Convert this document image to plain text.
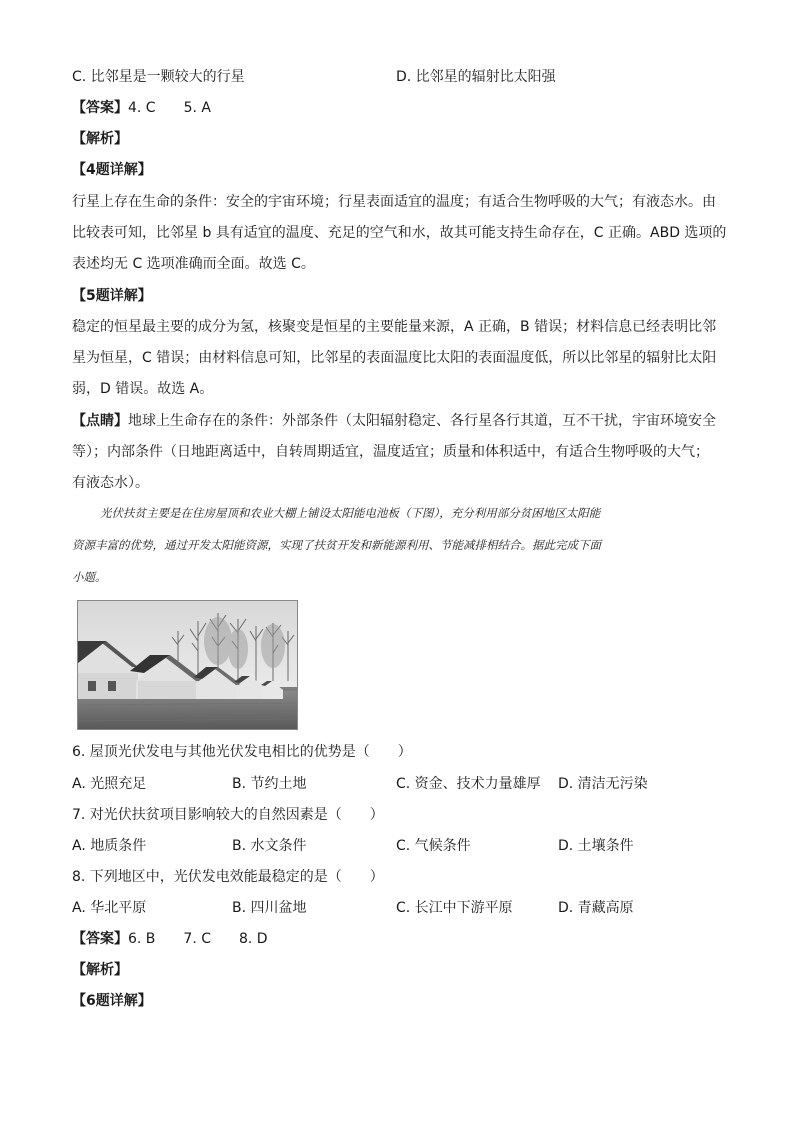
C. 比邻星是一颗较大的行星	D. 比邻星的辐射比太阳强
【答案】4. C　　5. A
【解析】
【4题详解】
行星上存在生命的条件：安全的宇宙环境；行星表面适宜的温度；有适合生物呼吸的大气；有液态水。由
比较表可知，比邻星 b 具有适宜的温度、充足的空气和水，故其可能支持生命存在，C 正确。ABD 选项的
表述均无 C 选项准确而全面。故选 C。
【5题详解】
稳定的恒星最主要的成分为氢，核聚变是恒星的主要能量来源，A 正确，B 错误；材料信息已经表明比邻
星为恒星，C 错误；由材料信息可知，比邻星的表面温度比太阳的表面温度低，所以比邻星的辐射比太阳
弱，D 错误。故选 A。
【点睛】地球上生命存在的条件：外部条件（太阳辐射稳定、各行星各行其道，互不干扰，宇宙环境安全
等）；内部条件（日地距离适中，自转周期适宜，温度适宜；质量和体积适中，有适合生物呼吸的大气；
有液态水）。
光伏扶贫主要是在住房屋顶和农业大棚上铺设太阳能电池板（下图），充分利用部分贫困地区太阳能
资源丰富的优势，通过开发太阳能资源，实现了扶贫开发和新能源利用、节能减排相结合。据此完成下面
小题。
6. 屋顶光伏发电与其他光伏发电相比的优势是（　　）
A. 光照充足	B. 节约土地	C. 资金、技术力量雄厚 D. 清洁无污染
7. 对光伏扶贫项目影响较大的自然因素是（　　）
A. 地质条件	B. 水文条件	C. 气候条件	D. 土壤条件
8. 下列地区中，光伏发电效能最稳定的是（　　）
A. 华北平原	B. 四川盆地	C. 长江中下游平原	D. 青藏高原
【答案】6. B　　7. C　　8. D
【解析】
【6题详解】
